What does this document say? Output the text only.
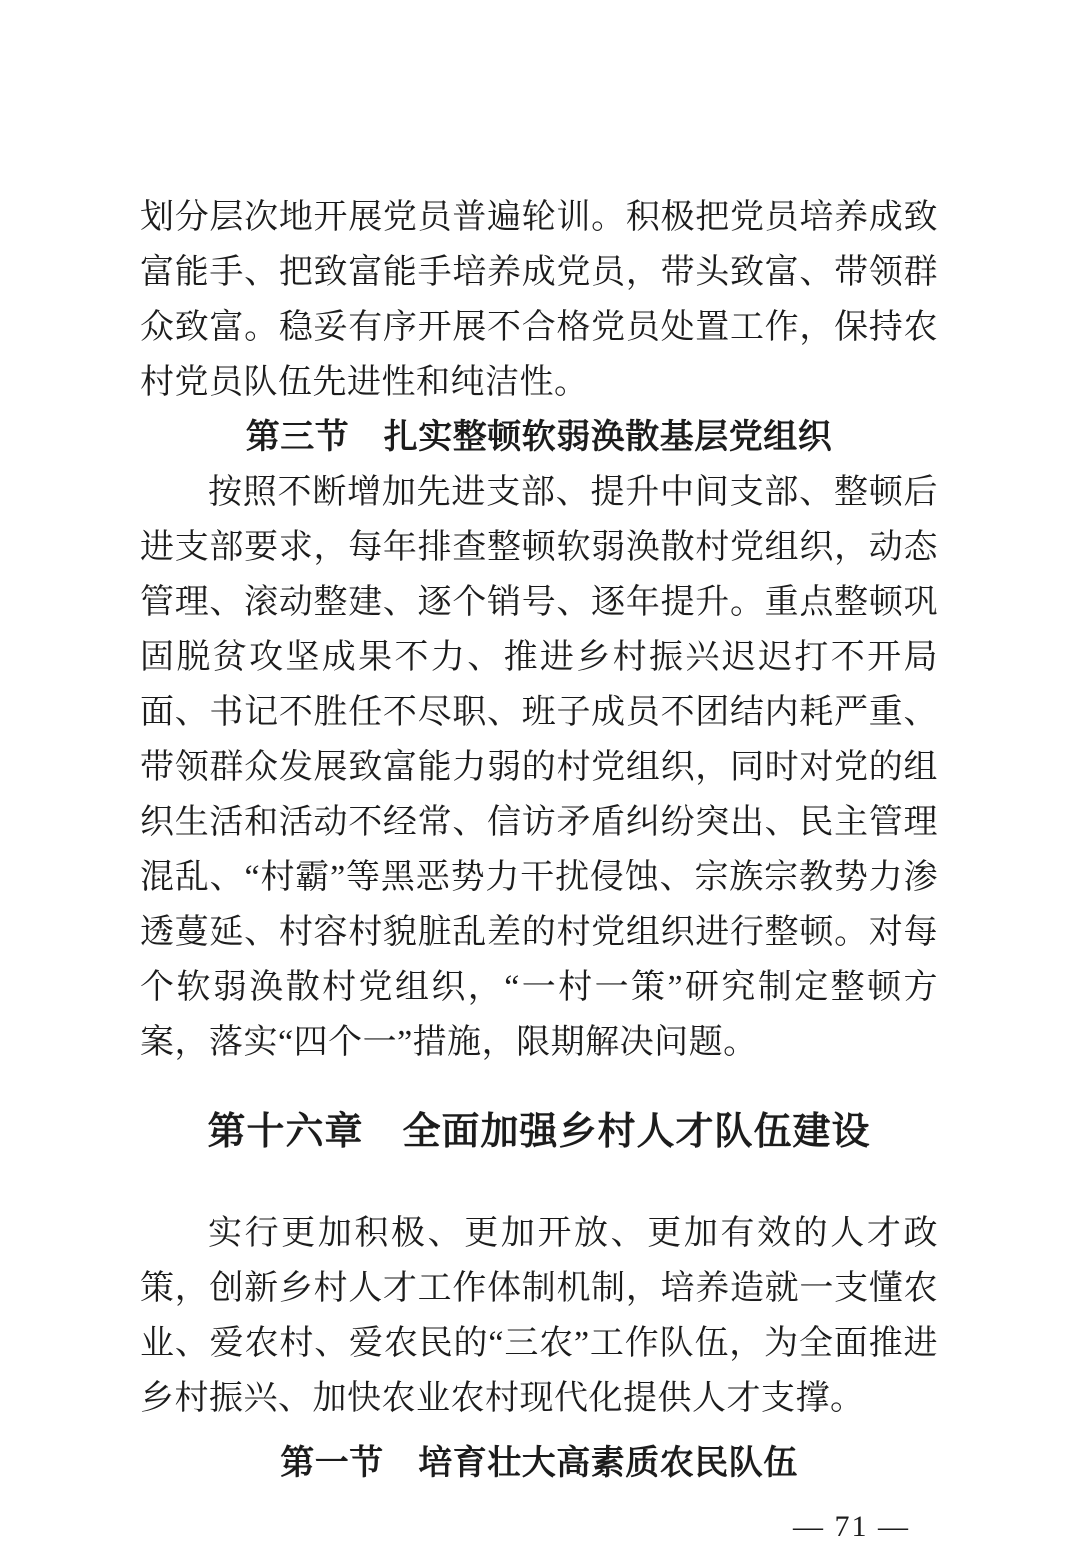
划分层次地开展党员普遍轮训。积极把党员培养成致富能手、把致富能手培养成党员，带头致富、带领群众致富。稳妥有序开展不合格党员处置工作，保持农村党员队伍先进性和纯洁性。

第三节　扎实整顿软弱涣散基层党组织

按照不断增加先进支部、提升中间支部、整顿后进支部要求，每年排查整顿软弱涣散村党组织，动态管理、滚动整建、逐个销号、逐年提升。重点整顿巩固脱贫攻坚成果不力、推进乡村振兴迟迟打不开局面、书记不胜任不尽职、班子成员不团结内耗严重、带领群众发展致富能力弱的村党组织，同时对党的组织生活和活动不经常、信访矛盾纠纷突出、民主管理混乱、“村霸”等黑恶势力干扰侵蚀、宗族宗教势力渗透蔓延、村容村貌脏乱差的村党组织进行整顿。对每个软弱涣散村党组织，“一村一策”研究制定整顿方案，落实“四个一”措施，限期解决问题。

第十六章　全面加强乡村人才队伍建设

实行更加积极、更加开放、更加有效的人才政策，创新乡村人才工作体制机制，培养造就一支懂农业、爱农村、爱农民的“三农”工作队伍，为全面推进乡村振兴、加快农业农村现代化提供人才支撑。

第一节　培育壮大高素质农民队伍
— 71 —
